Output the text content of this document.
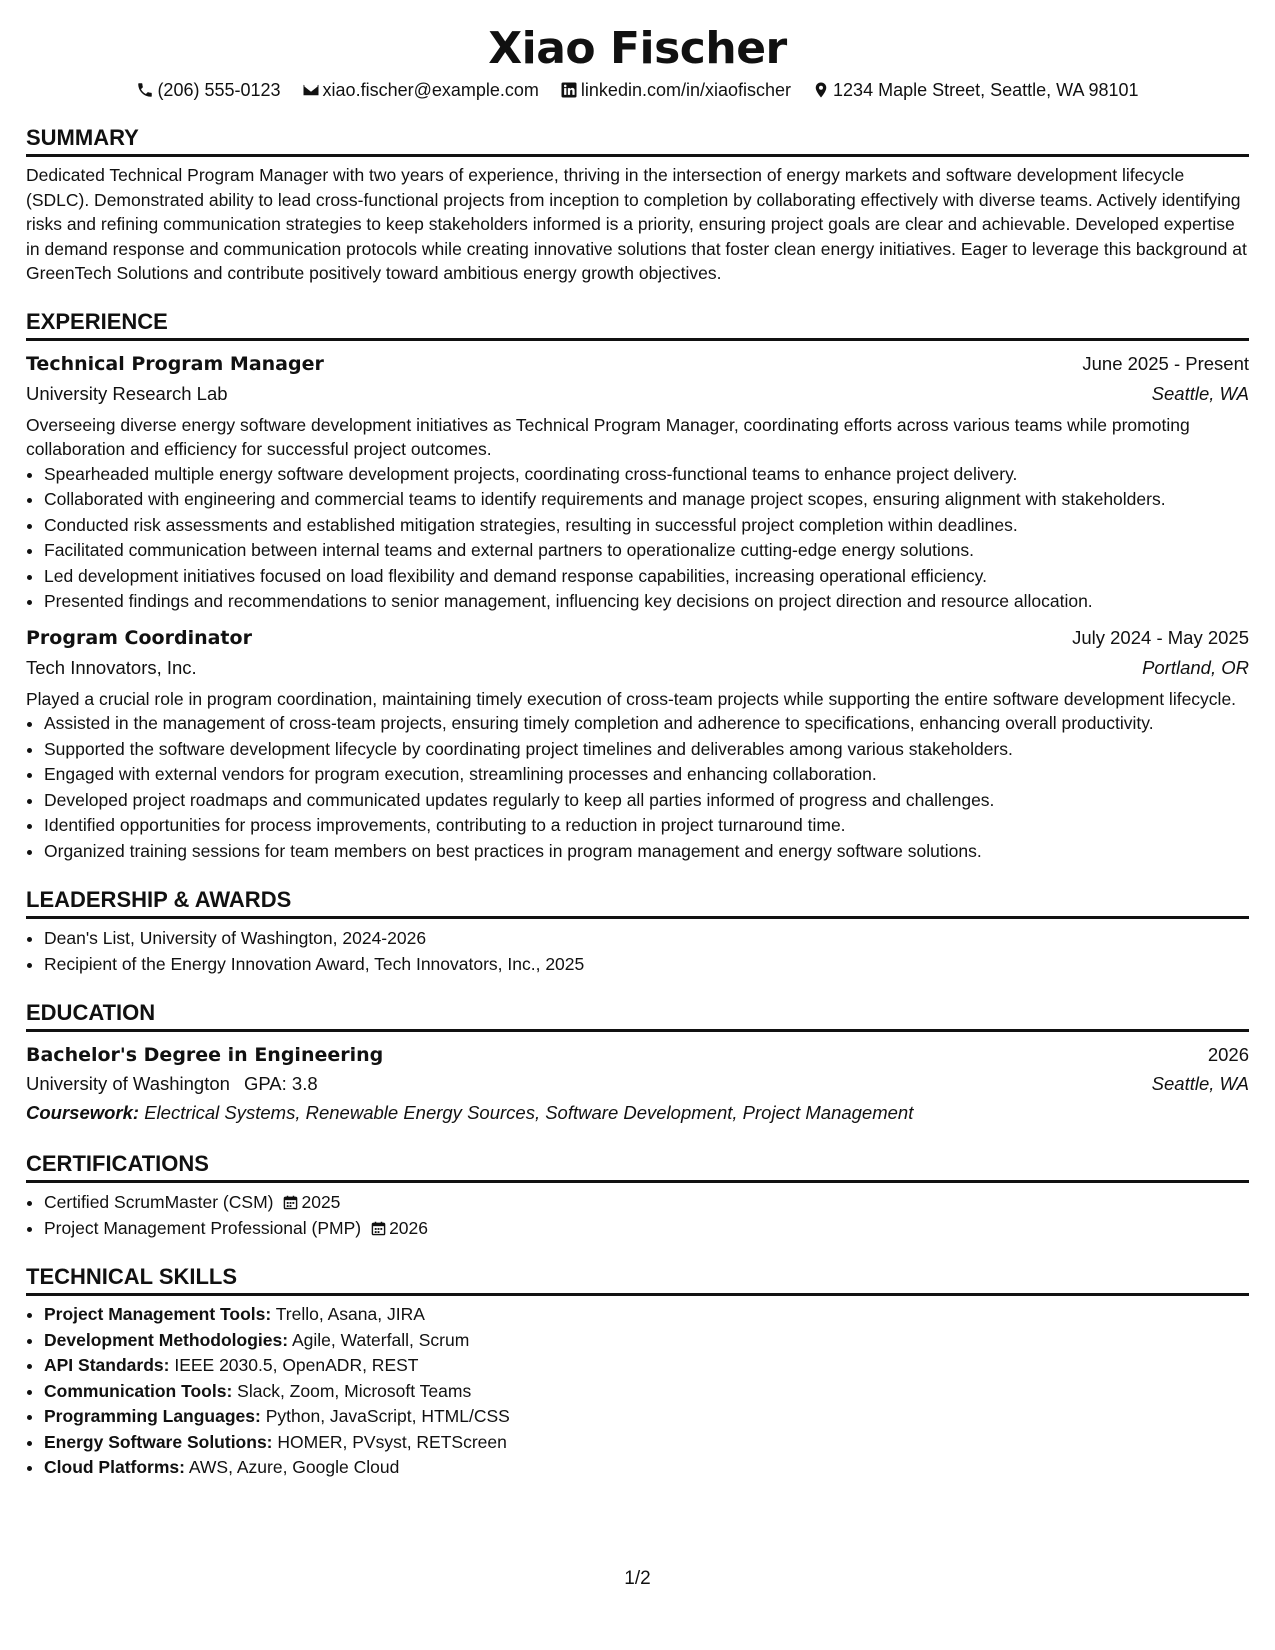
Xiao Fischer
(206) 555-0123 xiao.fischer@example.com linkedin.com/in/xiaofischer 1234 Maple Street, Seattle, WA 98101
SUMMARY
Dedicated Technical Program Manager with two years of experience, thriving in the intersection of energy markets and software development lifecycle (SDLC). Demonstrated ability to lead cross-functional projects from inception to completion by collaborating effectively with diverse teams. Actively identifying risks and refining communication strategies to keep stakeholders informed is a priority, ensuring project goals are clear and achievable. Developed expertise in demand response and communication protocols while creating innovative solutions that foster clean energy initiatives. Eager to leverage this background at GreenTech Solutions and contribute positively toward ambitious energy growth objectives.
EXPERIENCE
Technical Program Manager	June 2025 - Present
University Research Lab	Seattle, WA
Overseeing diverse energy software development initiatives as Technical Program Manager, coordinating efforts across various teams while promoting collaboration and efficiency for successful project outcomes.
• Spearheaded multiple energy software development projects, coordinating cross-functional teams to enhance project delivery.
• Collaborated with engineering and commercial teams to identify requirements and manage project scopes, ensuring alignment with stakeholders.
• Conducted risk assessments and established mitigation strategies, resulting in successful project completion within deadlines.
• Facilitated communication between internal teams and external partners to operationalize cutting-edge energy solutions.
• Led development initiatives focused on load flexibility and demand response capabilities, increasing operational efficiency.
• Presented findings and recommendations to senior management, influencing key decisions on project direction and resource allocation.
Program Coordinator	July 2024 - May 2025
Tech Innovators, Inc.	Portland, OR
Played a crucial role in program coordination, maintaining timely execution of cross-team projects while supporting the entire software development lifecycle.
• Assisted in the management of cross-team projects, ensuring timely completion and adherence to specifications, enhancing overall productivity.
• Supported the software development lifecycle by coordinating project timelines and deliverables among various stakeholders.
• Engaged with external vendors for program execution, streamlining processes and enhancing collaboration.
• Developed project roadmaps and communicated updates regularly to keep all parties informed of progress and challenges.
• Identified opportunities for process improvements, contributing to a reduction in project turnaround time.
• Organized training sessions for team members on best practices in program management and energy software solutions.
LEADERSHIP & AWARDS
• Dean's List, University of Washington, 2024-2026
• Recipient of the Energy Innovation Award, Tech Innovators, Inc., 2025
EDUCATION
Bachelor's Degree in Engineering	2026
University of Washington GPA: 3.8	Seattle, WA
Coursework: Electrical Systems, Renewable Energy Sources, Software Development, Project Management
CERTIFICATIONS
• Certified ScrumMaster (CSM) 2025
• Project Management Professional (PMP) 2026
TECHNICAL SKILLS
• Project Management Tools: Trello, Asana, JIRA
• Development Methodologies: Agile, Waterfall, Scrum
• API Standards: IEEE 2030.5, OpenADR, REST
• Communication Tools: Slack, Zoom, Microsoft Teams
• Programming Languages: Python, JavaScript, HTML/CSS
• Energy Software Solutions: HOMER, PVsyst, RETScreen
• Cloud Platforms: AWS, Azure, Google Cloud
1/2
